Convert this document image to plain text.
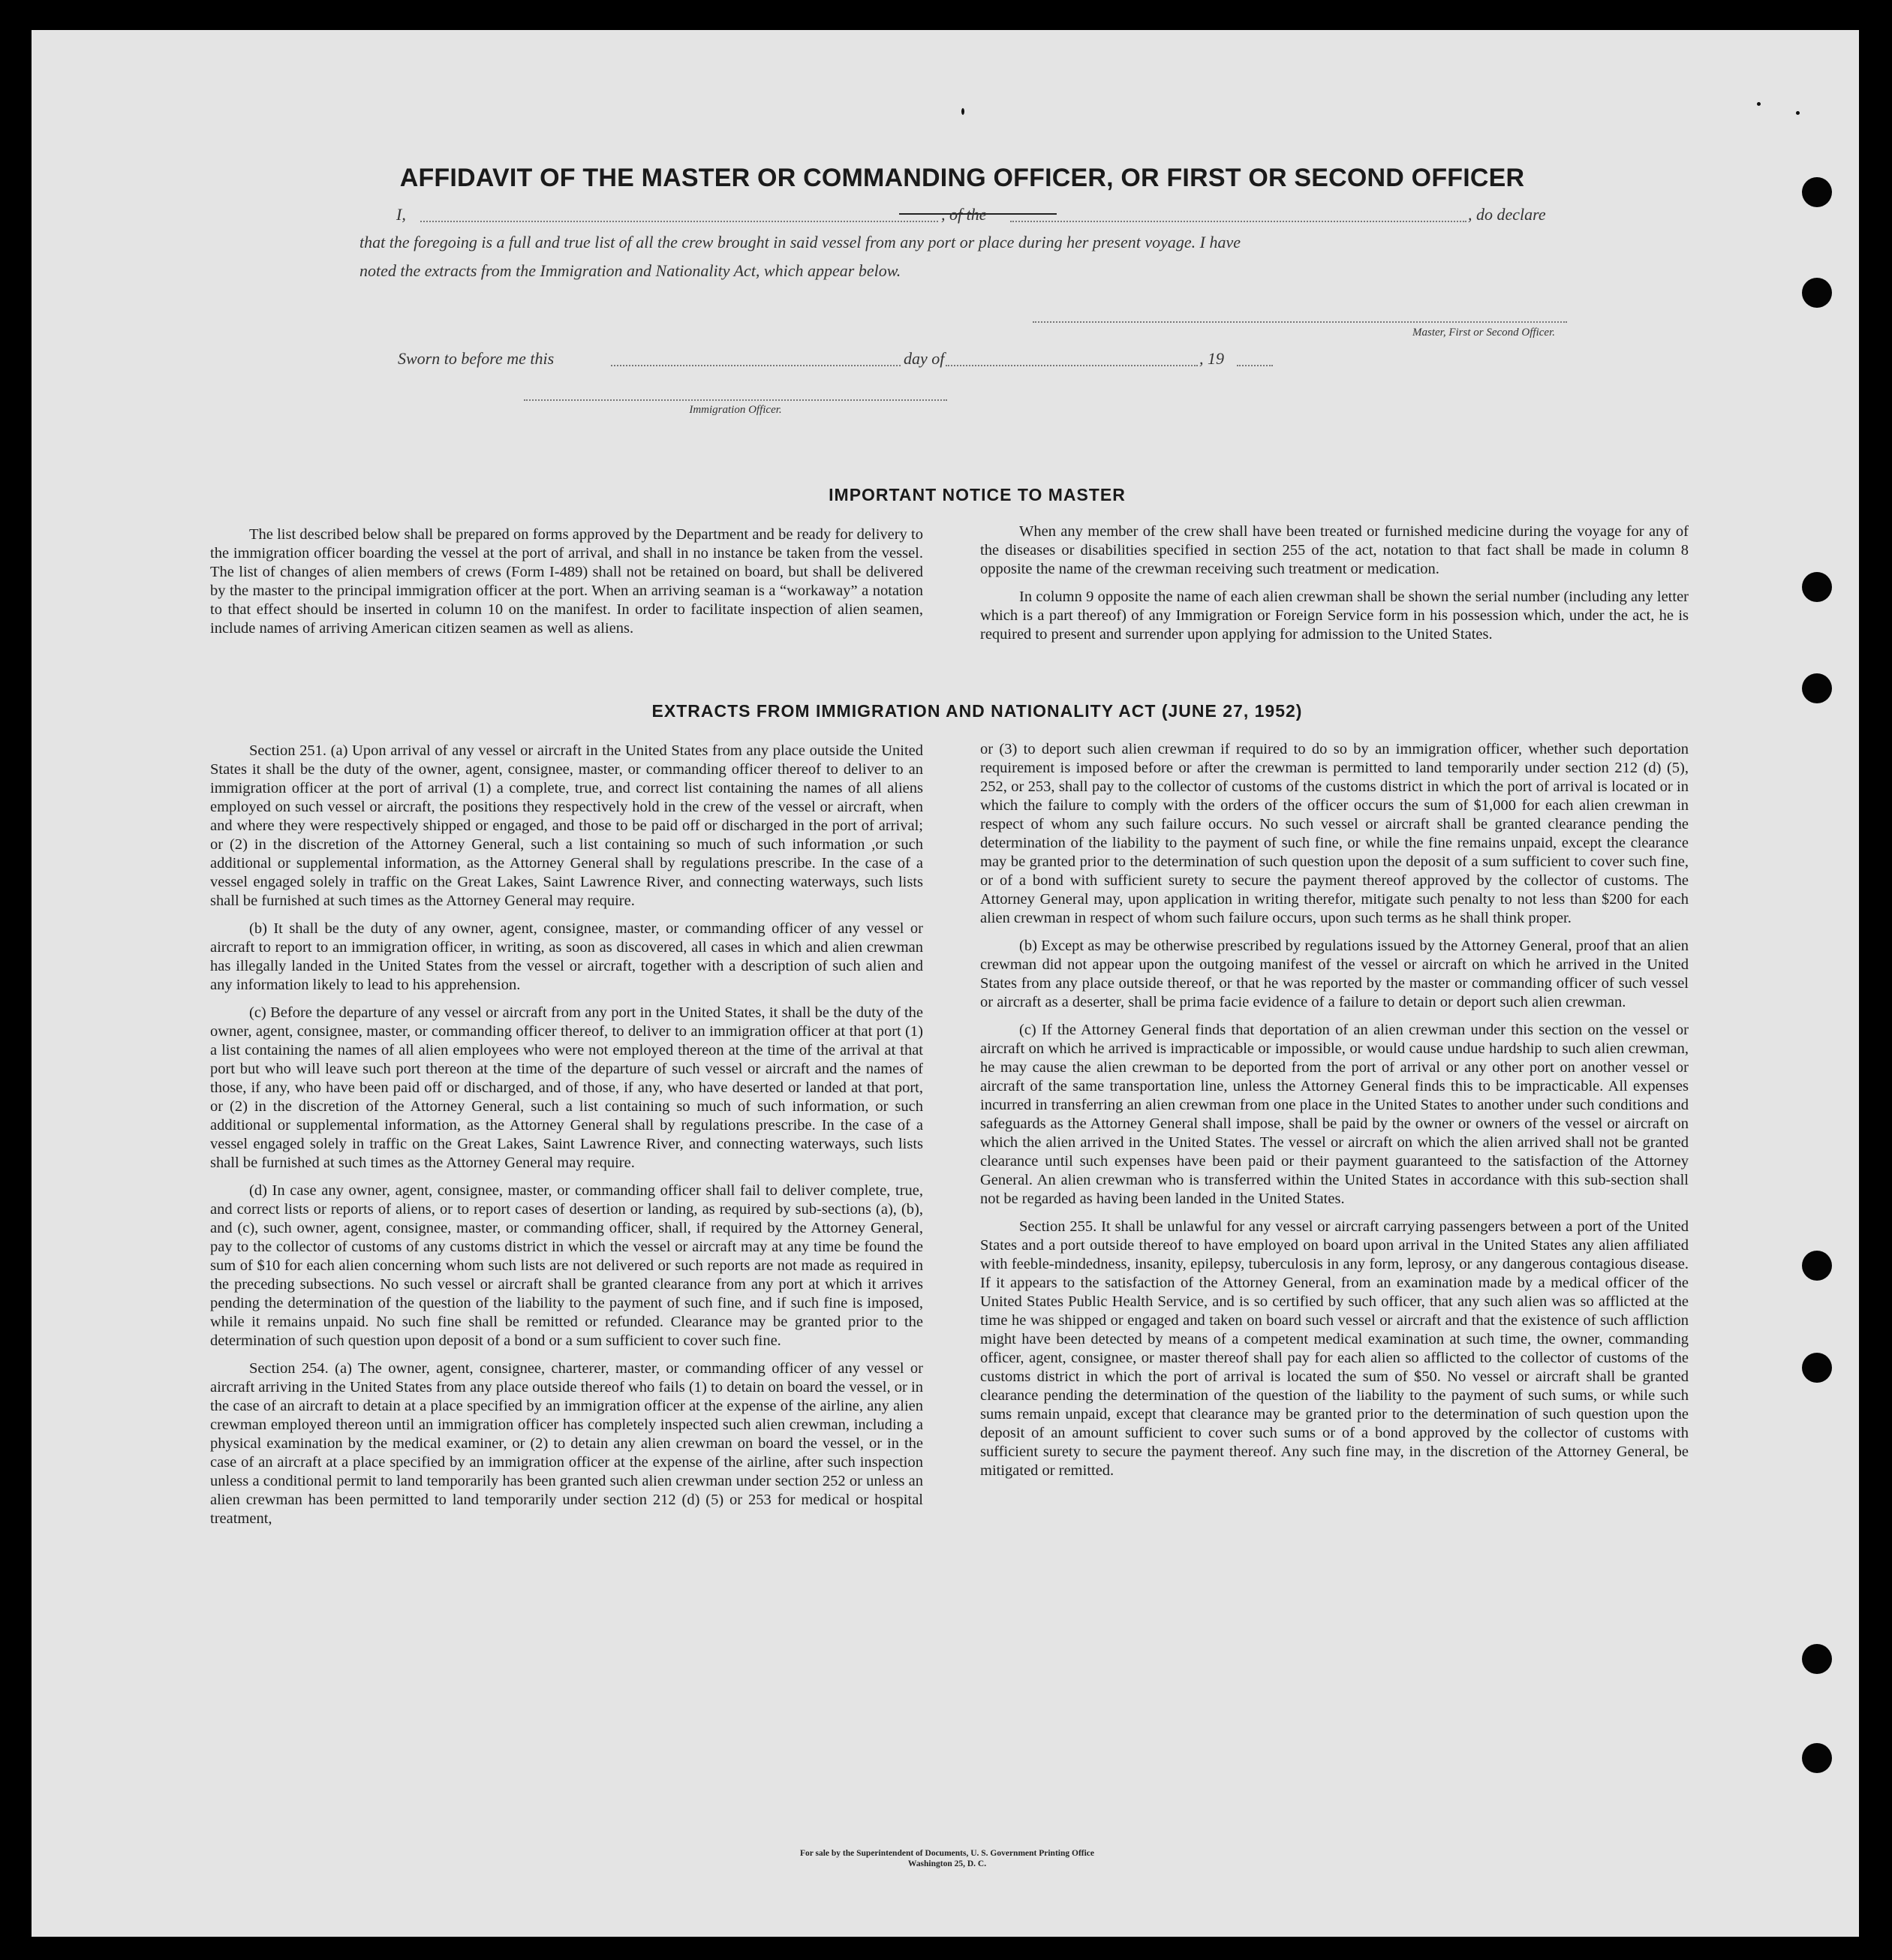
AFFIDAVIT OF THE MASTER OR COMMANDING OFFICER, OR FIRST OR SECOND OFFICER
I,	, of the	, do declare
that the foregoing is a full and true list of all the crew brought in said vessel from any port or place during her present voyage. I have
noted the extracts from the Immigration and Nationality Act, which appear below.
Master, First or Second Officer.
Sworn to before me this	day of	, 19
Immigration Officer.
IMPORTANT NOTICE TO MASTER

The list described below shall be prepared on forms approved by the Department and be ready for delivery to the immigration officer boarding the vessel at the port of arrival, and shall in no instance be taken from the vessel. The list of changes of alien members of crews (Form I-489) shall not be retained on board, but shall be delivered by the master to the principal immigration officer at the port. When an arriving seaman is a “workaway” a notation to that effect should be inserted in column 10 on the manifest. In order to facilitate inspection of alien seamen, include names of arriving American citizen seamen as well as aliens.

When any member of the crew shall have been treated or furnished medicine during the voyage for any of the diseases or disabilities specified in section 255 of the act, notation to that fact shall be made in column 8 opposite the name of the crewman receiving such treatment or medication.

In column 9 opposite the name of each alien crewman shall be shown the serial number (including any letter which is a part thereof) of any Immigration or Foreign Service form in his possession which, under the act, he is required to present and surrender upon applying for admission to the United States.

EXTRACTS FROM IMMIGRATION AND NATIONALITY ACT (JUNE 27, 1952)

Section 251. (a) Upon arrival of any vessel or aircraft in the United States from any place outside the United States it shall be the duty of the owner, agent, consignee, master, or commanding officer thereof to deliver to an immigration officer at the port of arrival (1) a complete, true, and correct list containing the names of all aliens employed on such vessel or aircraft, the positions they respectively hold in the crew of the vessel or aircraft, when and where they were respectively shipped or engaged, and those to be paid off or discharged in the port of arrival; or (2) in the discretion of the Attorney General, such a list containing so much of such information ,or such additional or supplemental information, as the Attorney General shall by regulations prescribe. In the case of a vessel engaged solely in traffic on the Great Lakes, Saint Lawrence River, and connecting waterways, such lists shall be furnished at such times as the Attorney General may require.

(b) It shall be the duty of any owner, agent, consignee, master, or commanding officer of any vessel or aircraft to report to an immigration officer, in writing, as soon as discovered, all cases in which and alien crewman has illegally landed in the United States from the vessel or aircraft, together with a description of such alien and any information likely to lead to his apprehension.

(c) Before the departure of any vessel or aircraft from any port in the United States, it shall be the duty of the owner, agent, consignee, master, or commanding officer thereof, to deliver to an immigration officer at that port (1) a list containing the names of all alien employees who were not employed thereon at the time of the arrival at that port but who will leave such port thereon at the time of the departure of such vessel or aircraft and the names of those, if any, who have been paid off or discharged, and of those, if any, who have deserted or landed at that port, or (2) in the discretion of the Attorney General, such a list containing so much of such information, or such additional or supplemental information, as the Attorney General shall by regulations prescribe. In the case of a vessel engaged solely in traffic on the Great Lakes, Saint Lawrence River, and connecting waterways, such lists shall be furnished at such times as the Attorney General may require.

(d) In case any owner, agent, consignee, master, or commanding officer shall fail to deliver complete, true, and correct lists or reports of aliens, or to report cases of desertion or landing, as required by sub-sections (a), (b), and (c), such owner, agent, consignee, master, or commanding officer, shall, if required by the Attorney General, pay to the collector of customs of any customs district in which the vessel or aircraft may at any time be found the sum of $10 for each alien concerning whom such lists are not delivered or such reports are not made as required in the preceding subsections. No such vessel or aircraft shall be granted clearance from any port at which it arrives pending the determination of the question of the liability to the payment of such fine, and if such fine is imposed, while it remains unpaid. No such fine shall be remitted or refunded. Clearance may be granted prior to the determination of such question upon deposit of a bond or a sum sufficient to cover such fine.

Section 254. (a) The owner, agent, consignee, charterer, master, or commanding officer of any vessel or aircraft arriving in the United States from any place outside thereof who fails (1) to detain on board the vessel, or in the case of an aircraft to detain at a place specified by an immigration officer at the expense of the airline, any alien crewman employed thereon until an immigration officer has completely inspected such alien crewman, including a physical examination by the medical examiner, or (2) to detain any alien crewman on board the vessel, or in the case of an aircraft at a place specified by an immigration officer at the expense of the airline, after such inspection unless a conditional permit to land temporarily has been granted such alien crewman under section 252 or unless an alien crewman has been permitted to land temporarily under section 212 (d) (5) or 253 for medical or hospital treatment,

or (3) to deport such alien crewman if required to do so by an immigration officer, whether such deportation requirement is imposed before or after the crewman is permitted to land temporarily under section 212 (d) (5), 252, or 253, shall pay to the collector of customs of the customs district in which the port of arrival is located or in which the failure to comply with the orders of the officer occurs the sum of $1,000 for each alien crewman in respect of whom any such failure occurs. No such vessel or aircraft shall be granted clearance pending the determination of the liability to the payment of such fine, or while the fine remains unpaid, except the clearance may be granted prior to the determination of such question upon the deposit of a sum sufficient to cover such fine, or of a bond with sufficient surety to secure the payment thereof approved by the collector of customs. The Attorney General may, upon application in writing therefor, mitigate such penalty to not less than $200 for each alien crewman in respect of whom such failure occurs, upon such terms as he shall think proper.

(b) Except as may be otherwise prescribed by regulations issued by the Attorney General, proof that an alien crewman did not appear upon the outgoing manifest of the vessel or aircraft on which he arrived in the United States from any place outside thereof, or that he was reported by the master or commanding officer of such vessel or aircraft as a deserter, shall be prima facie evidence of a failure to detain or deport such alien crewman.

(c) If the Attorney General finds that deportation of an alien crewman under this section on the vessel or aircraft on which he arrived is impracticable or impossible, or would cause undue hardship to such alien crewman, he may cause the alien crewman to be deported from the port of arrival or any other port on another vessel or aircraft of the same transportation line, unless the Attorney General finds this to be impracticable. All expenses incurred in transferring an alien crewman from one place in the United States to another under such conditions and safeguards as the Attorney General shall impose, shall be paid by the owner or owners of the vessel or aircraft on which the alien arrived in the United States. The vessel or aircraft on which the alien arrived shall not be granted clearance until such expenses have been paid or their payment guaranteed to the satisfaction of the Attorney General. An alien crewman who is transferred within the United States in accordance with this sub-section shall not be regarded as having been landed in the United States.

Section 255. It shall be unlawful for any vessel or aircraft carrying passengers between a port of the United States and a port outside thereof to have employed on board upon arrival in the United States any alien affiliated with feeble-mindedness, insanity, epilepsy, tuberculosis in any form, leprosy, or any dangerous contagious disease. If it appears to the satisfaction of the Attorney General, from an examination made by a medical officer of the United States Public Health Service, and is so certified by such officer, that any such alien was so afflicted at the time he was shipped or engaged and taken on board such vessel or aircraft and that the existence of such affliction might have been detected by means of a competent medical examination at such time, the owner, commanding officer, agent, consignee, or master thereof shall pay for each alien so afflicted to the collector of customs of the customs district in which the port of arrival is located the sum of $50. No vessel or aircraft shall be granted clearance pending the determination of the question of the liability to the payment of such sums, or while such sums remain unpaid, except that clearance may be granted prior to the determination of such question upon the deposit of an amount sufficient to cover such sums or of a bond approved by the collector of customs with sufficient surety to secure the payment thereof. Any such fine may, in the discretion of the Attorney General, be mitigated or remitted.

For sale by the Superintendent of Documents, U. S. Government Printing Office
Washington 25, D. C.
